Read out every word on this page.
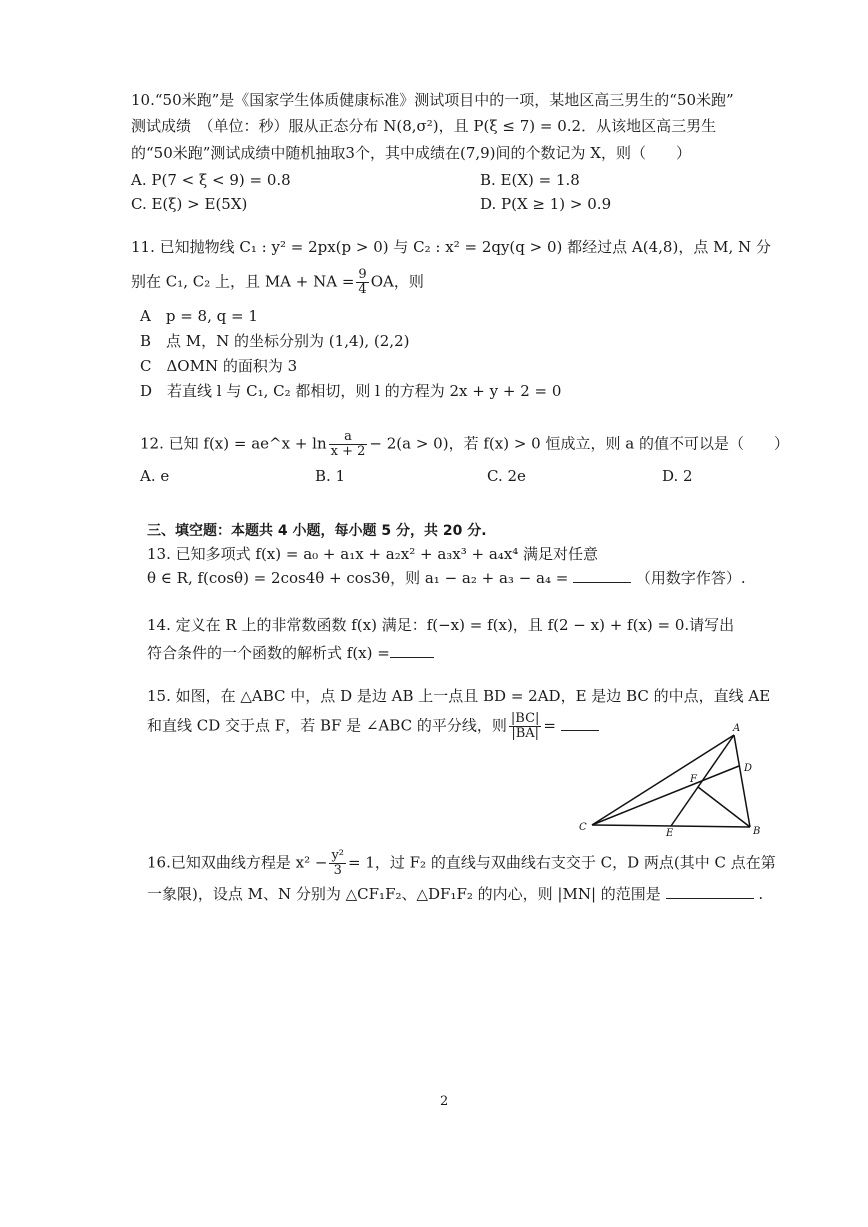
10.“50米跑”是《国家学生体质健康标准》测试项目中的一项，某地区高三男生的“50米跑”
测试成绩　（单位：秒）服从正态分布 N(8,σ²)，且 P(ξ ≤ 7) = 0.2．从该地区高三男生
的“50米跑”测试成绩中随机抽取3个，其中成绩在(7,9)间的个数记为 X，则（　　）
A. P(7 < ξ < 9) = 0.8	B. E(X) = 1.8
C. E(ξ) > E(5X)	D. P(X ≥ 1) > 0.9
11. 已知抛物线 C₁ : y² = 2px(p > 0) 与 C₂ : x² = 2qy(q > 0) 都经过点 A(4,8)，点 M, N 分
别在 C₁, C₂ 上，且 MA + NA = $\frac{9}{4}$ OA，则
A　p = 8, q = 1
B　点 M，N 的坐标分别为 (1,4), (2,2)
C　ΔOMN 的面积为 3
D　若直线 l 与 C₁, C₂ 都相切，则 l 的方程为 2x + y + 2 = 0
12. 已知 f(x) = ae^x + $\ln \frac{a}{x + 2} - 2(a > 0)$，若 f(x) > 0 恒成立，则 a 的值不可以是（　　）
A. e	B. 1	C. 2e	D. 2
三、填空题：本题共 4 小题，每小题 5 分，共 20 分.
13. 已知多项式 f(x) = a₀ + a₁x + a₂x² + a₃x³ + a₄x⁴ 满足对任意
θ ∈ R, f(cosθ) = 2cos4θ + cos3θ，则 a₁ − a₂ + a₃ − a₄ =	（用数字作答）.
14. 定义在 R 上的非常数函数 f(x) 满足：f(−x) = f(x)，且 f(2 − x) + f(x) = 0.请写出
符合条件的一个函数的解析式 f(x) =
15. 如图，在 △ABC 中，点 D 是边 AB 上一点且 BD = 2AD，E 是边 BC 的中点，直线 AE
和直线 CD 交于点 F，若 BF 是 ∠ABC 的平分线，则 $\frac{|BC|}{|BA|}$ =	A
B
C
D
E
F
16.已知双曲线方程是 $x^2 - \frac{\text{y²}}{3} = 1$，过 F₂ 的直线与双曲线右支交于 C，D 两点(其中 C 点在第
一象限)，设点 M、N 分别为 △CF₁F₂、△DF₁F₂ 的内心，则 |MN| 的范围是	.
2
